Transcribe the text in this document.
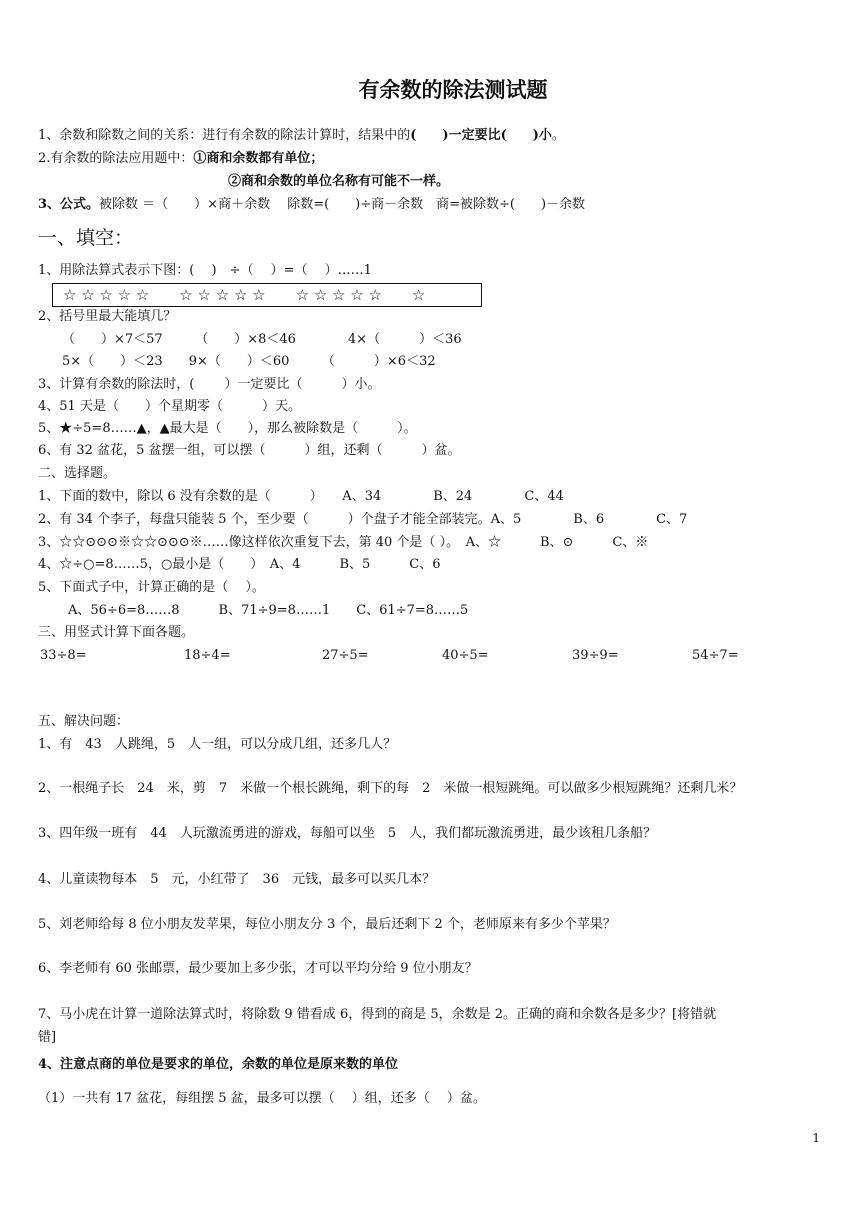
有余数的除法测试题
1、余数和除数之间的关系：进行有余数的除法计算时，结果中的(　　)一定要比(　　)小。
2.有余数的除法应用题中：①商和余数都有单位；
②商和余数的单位名称有可能不一样。
3、公式。被除数 ＝（　　）×商＋余数　 除数=(　　)÷商－余数　商=被除数÷(　　)－余数
一、填空：
1、用除法算式表示下图：(　 )　÷（　 ）=（　 ）……1
☆ ☆ ☆ ☆ ☆　　☆ ☆ ☆ ☆ ☆　　☆ ☆ ☆ ☆ ☆　　☆
2、括号里最大能填几？
（　　）×7＜57　　　（　　）×8＜46　　　　4×（　　　）＜36
5×（　　）＜23　　9×（　　）＜60　　　（　　　）×6＜32
3、计算有余数的除法时，(　　 ）一定要比（　　　）小。
4、51 天是（　　）个星期零（　　　）天。
5、★÷5=8……▲，▲最大是（　　），那么被除数是（　　　）。
6、有 32 盆花，5 盆摆一组，可以摆（　　　）组，还剩（　　　）盆。
二、选择题。
1、下面的数中，除以 6 没有余数的是（　　　）　　A、34　　　　B、24　　　　C、44
2、有 34 个李子，每盘只能装 5 个，至少要（　　　）个盘子才能全部装完。A、5　　　　B、6　　　　C、7
3、☆☆⊙⊙⊙※☆☆⊙⊙⊙※……像这样依次重复下去，第 40 个是（ ）。　A、☆　　　B、⊙　　　C、※
4、☆÷○=8……5，○最小是（　　）　A、4　　　B、5　　　C、6
5、下面式子中，计算正确的是（　 ）。
A、56÷6=8……8　　　B、71÷9=8……1　　C、61÷7=8……5
三、用竖式计算下面各题。
33÷8=	18÷4=	27÷5=	40÷5=	39÷9=	54÷7=
五、解决问题：
1、有　43　人跳绳，5　人一组，可以分成几组，还多几人？
2、一根绳子长　24　米，剪　7　米做一个根长跳绳，剩下的每　2　米做一根短跳绳。可以做多少根短跳绳？还剩几米？
3、四年级一班有　44　人玩激流勇进的游戏，每船可以坐　5　人，我们都玩激流勇进，最少该租几条船？
4、儿童读物每本　5　元，小红带了　36　元钱，最多可以买几本？
5、刘老师给每 8 位小朋友发苹果，每位小朋友分 3 个，最后还剩下 2 个，老师原来有多少个苹果？
6、李老师有 60 张邮票，最少要加上多少张，才可以平均分给 9 位小朋友？
7、马小虎在计算一道除法算式时，将除数 9 错看成 6，得到的商是 5，余数是 2。正确的商和余数各是多少？[将错就
错]
4、注意点商的单位是要求的单位，余数的单位是原来数的单位
（1）一共有 17 盆花，每组摆 5 盆，最多可以摆（　 ）组，还多（　 ）盆。
1
